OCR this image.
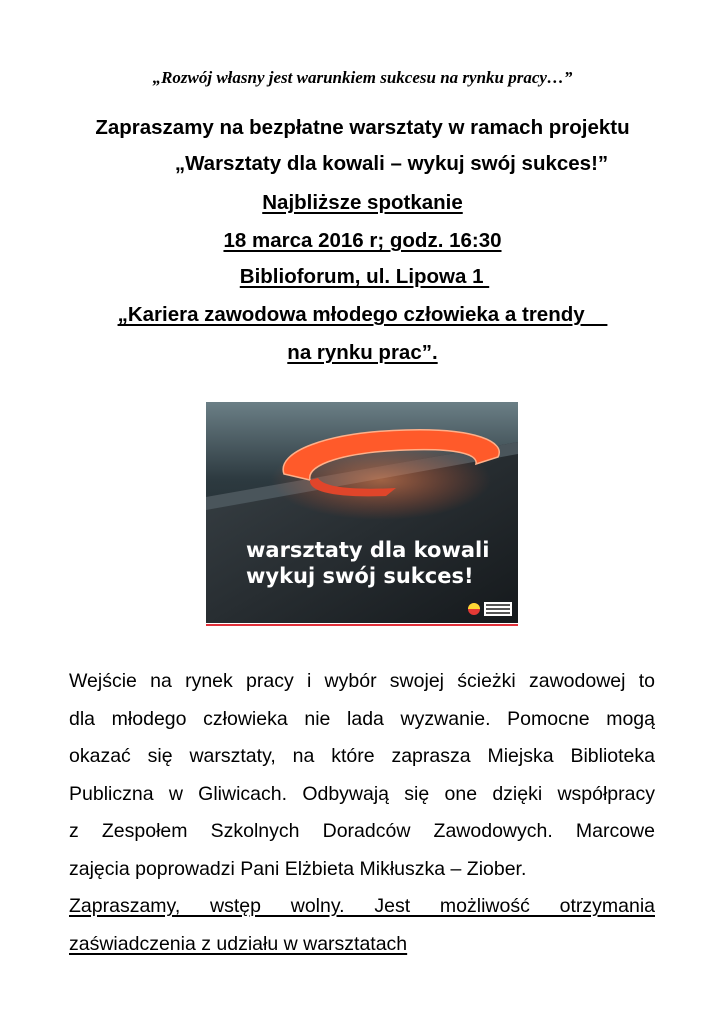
„Rozwój własny jest warunkiem sukcesu na rynku pracy…”
Zapraszamy na bezpłatne warsztaty w ramach projektu
„Warsztaty dla kowali – wykuj swój sukces!”
Najbliższe spotkanie
18 marca 2016 r; godz. 16:30
Biblioforum, ul. Lipowa 1
„Kariera zawodowa młodego człowieka a trendy
na rynku prac”.
warsztaty dla kowali
wykuj swój sukces!

Wejście na rynek pracy i wybór swojej ścieżki zawodowej to

dla młodego człowieka nie lada wyzwanie. Pomocne mogą

okazać się warsztaty, na które zaprasza Miejska Biblioteka

Publiczna w Gliwicach. Odbywają się one dzięki współpracy

z Zespołem Szkolnych Doradców Zawodowych. Marcowe

zajęcia poprowadzi Pani Elżbieta Mikłuszka – Ziober.

Zapraszamy, wstęp wolny. Jest możliwość otrzymania

zaświadczenia z udziału w warsztatach
